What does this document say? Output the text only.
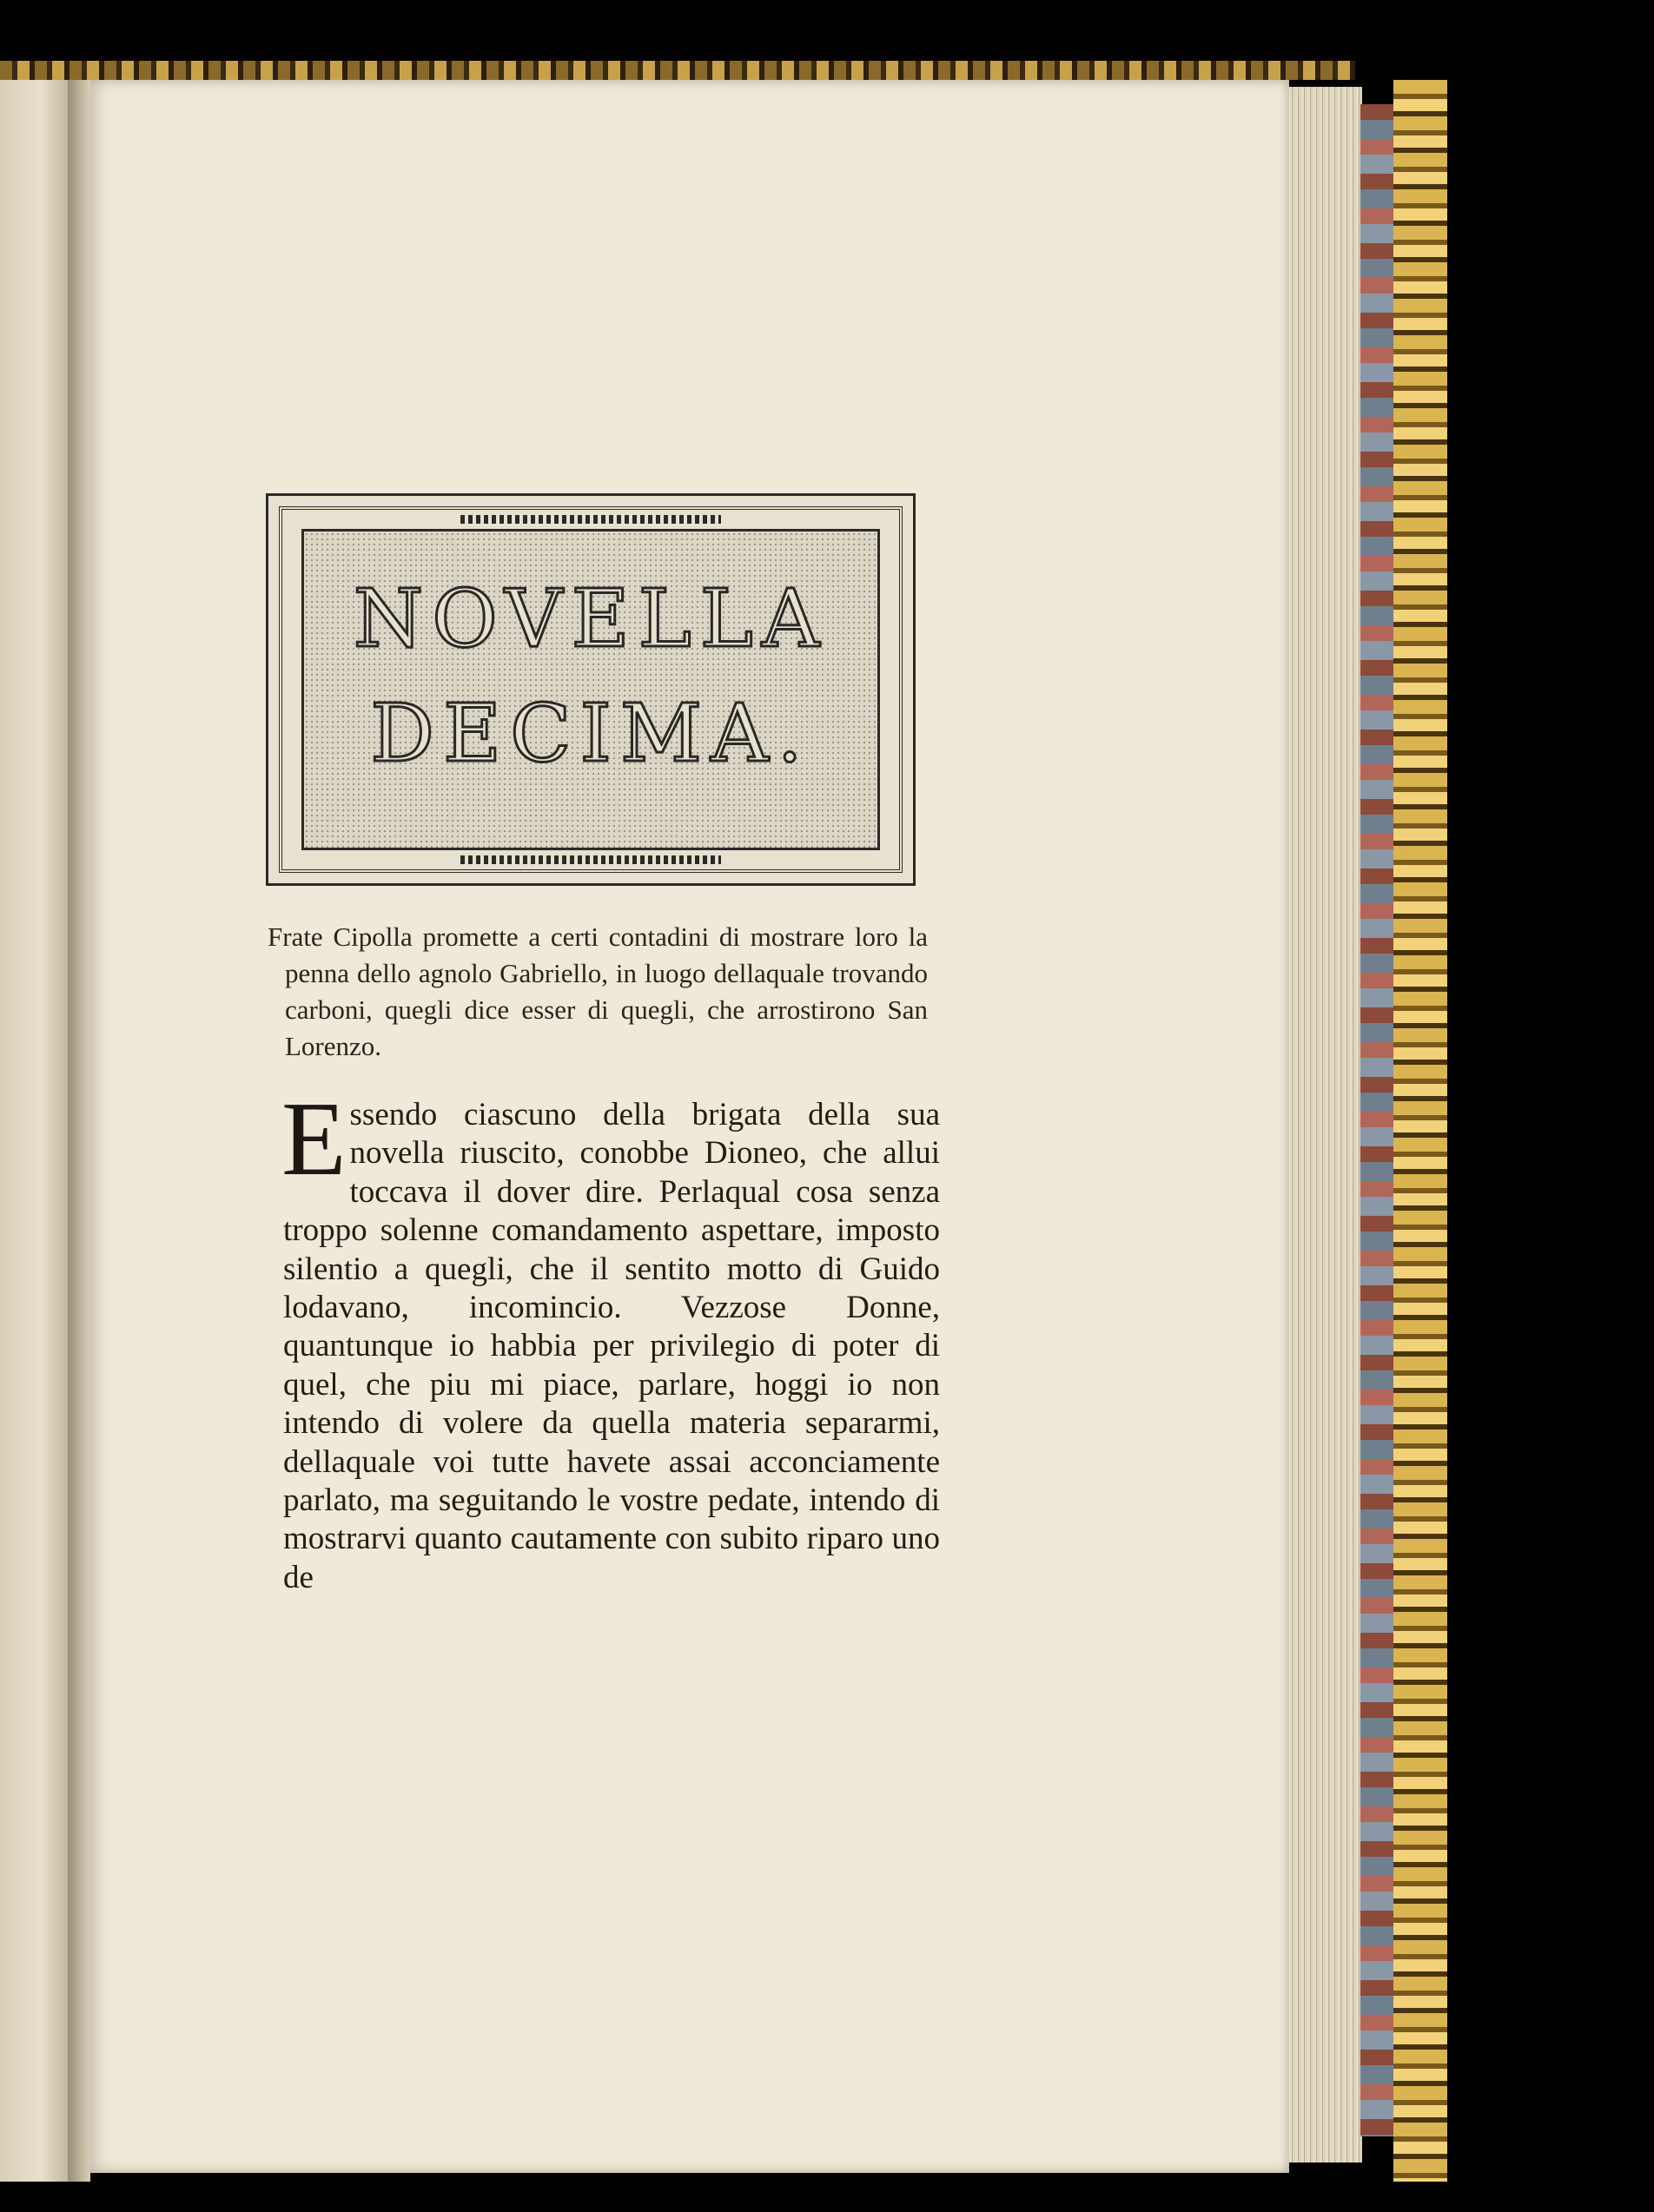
NOVELLA
DECIMA.
Frate Cipolla promette a certi contadini di mostrare loro la penna dello agnolo Gabriello, in luogo dellaquale trovando carboni, quegli dice esser di quegli, che arrostirono San Lorenzo.
E ssendo ciascuno della brigata della sua novella riuscito, conobbe Dioneo, che allui toccava il dover dire. Perlaqual cosa senza troppo solenne comandamento aspettare, imposto silentio a quegli, che il sentito motto di Guido lodavano, incomincio. Vezzose Donne, quantunque io habbia per privilegio di poter di quel, che piu mi piace, parlare, hoggi io non intendo di volere da quella materia separarmi, dellaquale voi tutte havete assai acconciamente parlato, ma seguitando le vostre pedate, intendo di mostrarvi quanto cautamente con subito riparo uno de
